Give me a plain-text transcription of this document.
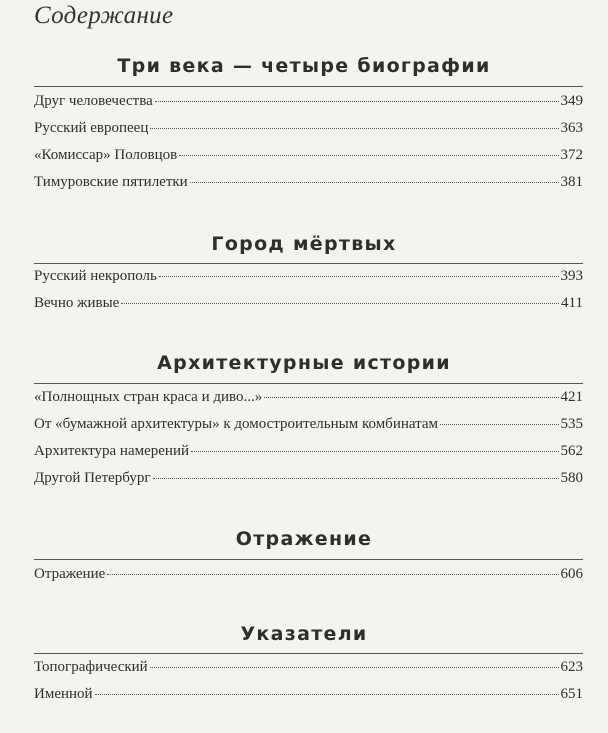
Содержание
Три века — четыре биографии
Друг человечества	349
Русский европеец	363
«Комиссар» Половцов	372
Тимуровские пятилетки	381
Город мёртвых
Русский некрополь	393
Вечно живые	411
Архитектурные истории
«Полнощных стран краса и диво...»	421
От «бумажной архитектуры» к домостроительным комбинатам	535
Архитектура намерений	562
Другой Петербург	580
Отражение
Отражение	606
Указатели
Топографический	623
Именной	651
